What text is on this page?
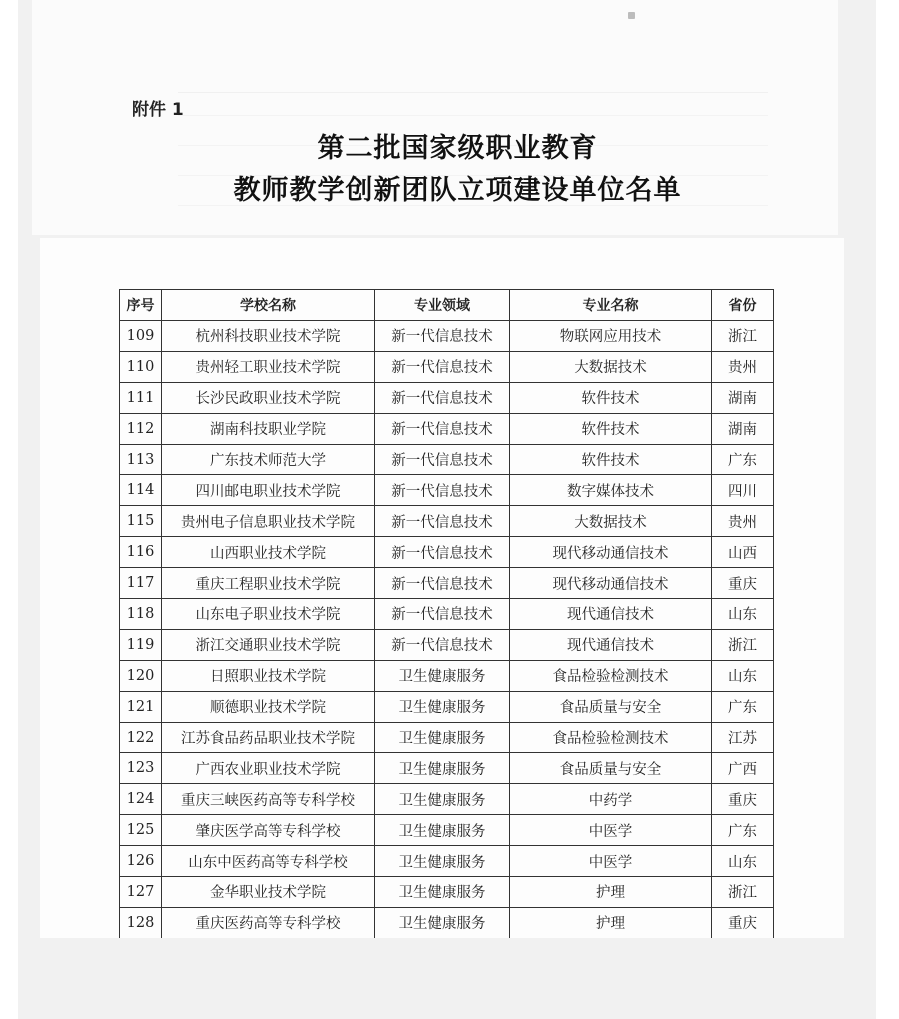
附件 1
第二批国家级职业教育
教师教学创新团队立项建设单位名单
序号	学校名称	专业领域	专业名称	省份
109	杭州科技职业技术学院	新一代信息技术	物联网应用技术	浙江
110	贵州轻工职业技术学院	新一代信息技术	大数据技术	贵州
111	长沙民政职业技术学院	新一代信息技术	软件技术	湖南
112	湖南科技职业学院	新一代信息技术	软件技术	湖南
113	广东技术师范大学	新一代信息技术	软件技术	广东
114	四川邮电职业技术学院	新一代信息技术	数字媒体技术	四川
115	贵州电子信息职业技术学院	新一代信息技术	大数据技术	贵州
116	山西职业技术学院	新一代信息技术	现代移动通信技术	山西
117	重庆工程职业技术学院	新一代信息技术	现代移动通信技术	重庆
118	山东电子职业技术学院	新一代信息技术	现代通信技术	山东
119	浙江交通职业技术学院	新一代信息技术	现代通信技术	浙江
120	日照职业技术学院	卫生健康服务	食品检验检测技术	山东
121	顺德职业技术学院	卫生健康服务	食品质量与安全	广东
122	江苏食品药品职业技术学院	卫生健康服务	食品检验检测技术	江苏
123	广西农业职业技术学院	卫生健康服务	食品质量与安全	广西
124	重庆三峡医药高等专科学校	卫生健康服务	中药学	重庆
125	肇庆医学高等专科学校	卫生健康服务	中医学	广东
126	山东中医药高等专科学校	卫生健康服务	中医学	山东
127	金华职业技术学院	卫生健康服务	护理	浙江
128	重庆医药高等专科学校	卫生健康服务	护理	重庆
